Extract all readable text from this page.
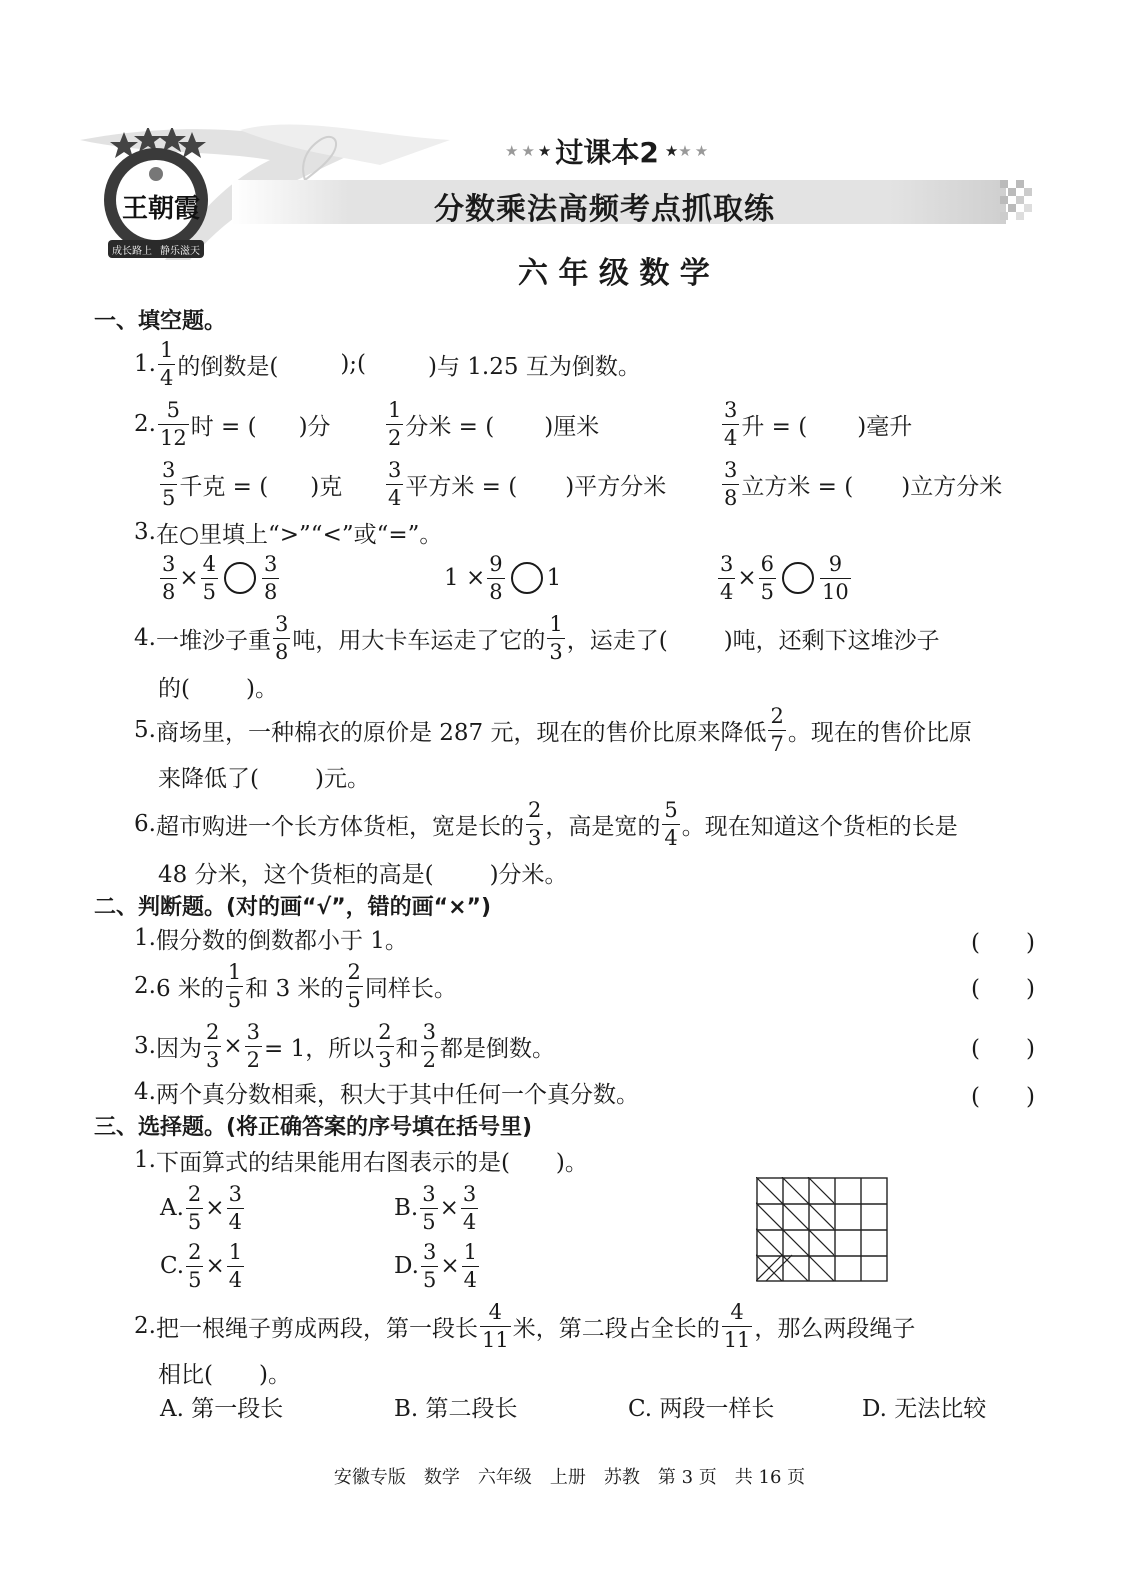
王朝霞
成长路上 静乐滋天
★★ ★ 过课本2 ★ ★★
分数乘法高频考点抓取练
六 年 级 数 学
一、填空题。
1. $\frac{1}{4}$ 的倒数是(	);(	)与 1.25 互为倒数。
2. $\frac{5}{12}$ 时 = ( )分	$\frac{1}{2}$ 分米 = ( )厘米	$\frac{3}{4}$ 升 = ( )毫升
$\frac{3}{5}$ 千克 = ( )克 $\frac{3}{4}$ 平方米 = ( )平方分米	$\frac{3}{8}$ 立方米 = ( )立方分米
3. 在○里填上“>”“<”或“=”。
$\frac{3}{8} \times \frac{4}{5} \frac{3}{8}$	$1 \times \frac{9}{8} 1$	$\frac{3}{4} \times \frac{6}{5} \frac{9}{10}$
4. 一堆沙子重 $\frac{3}{8}$ 吨，用大卡车运走了它的 $\frac{1}{3}$ ，运走了( )吨，还剩下这堆沙子
的( )。
5. 商场里，一种棉衣的原价是 287 元，现在的售价比原来降低 $\frac{2}{7}$ 。现在的售价比原
来降低了( )元。
6. 超市购进一个长方体货柜，宽是长的 $\frac{2}{3}$ ，高是宽的 $\frac{5}{4}$ 。现在知道这个货柜的长是
48 分米，这个货柜的高是( )分米。
二、判断题。(对的画“√”，错的画“×”)
1. 假分数的倒数都小于 1。	(　　)
2. 6 米的 $\frac{1}{5}$ 和 3 米的 $\frac{2}{5}$ 同样长。	(　　)
3. 因为 $\frac{2}{3} \times \frac{3}{2} = 1$，所以 $\frac{2}{3}$ 和 $\frac{3}{2}$ 都是倒数。	(　　)
4. 两个真分数相乘，积大于其中任何一个真分数。	(　　)
三、选择题。(将正确答案的序号填在括号里)
1. 下面算式的结果能用右图表示的是(　　)。
A. $\frac{2}{5} \times \frac{3}{4}$	B. $\frac{3}{5} \times \frac{3}{4}$
C. $\frac{2}{5} \times \frac{1}{4}$	D. $\frac{3}{5} \times \frac{1}{4}$
2. 把一根绳子剪成两段，第一段长 $\frac{4}{11}$ 米，第二段占全长的 $\frac{4}{11}$ ，那么两段绳子
相比(　　)。
A. 第一段长	B. 第二段长	C. 两段一样长	D. 无法比较
安徽专版　数学　六年级　上册　苏教　第 3 页　共 16 页
